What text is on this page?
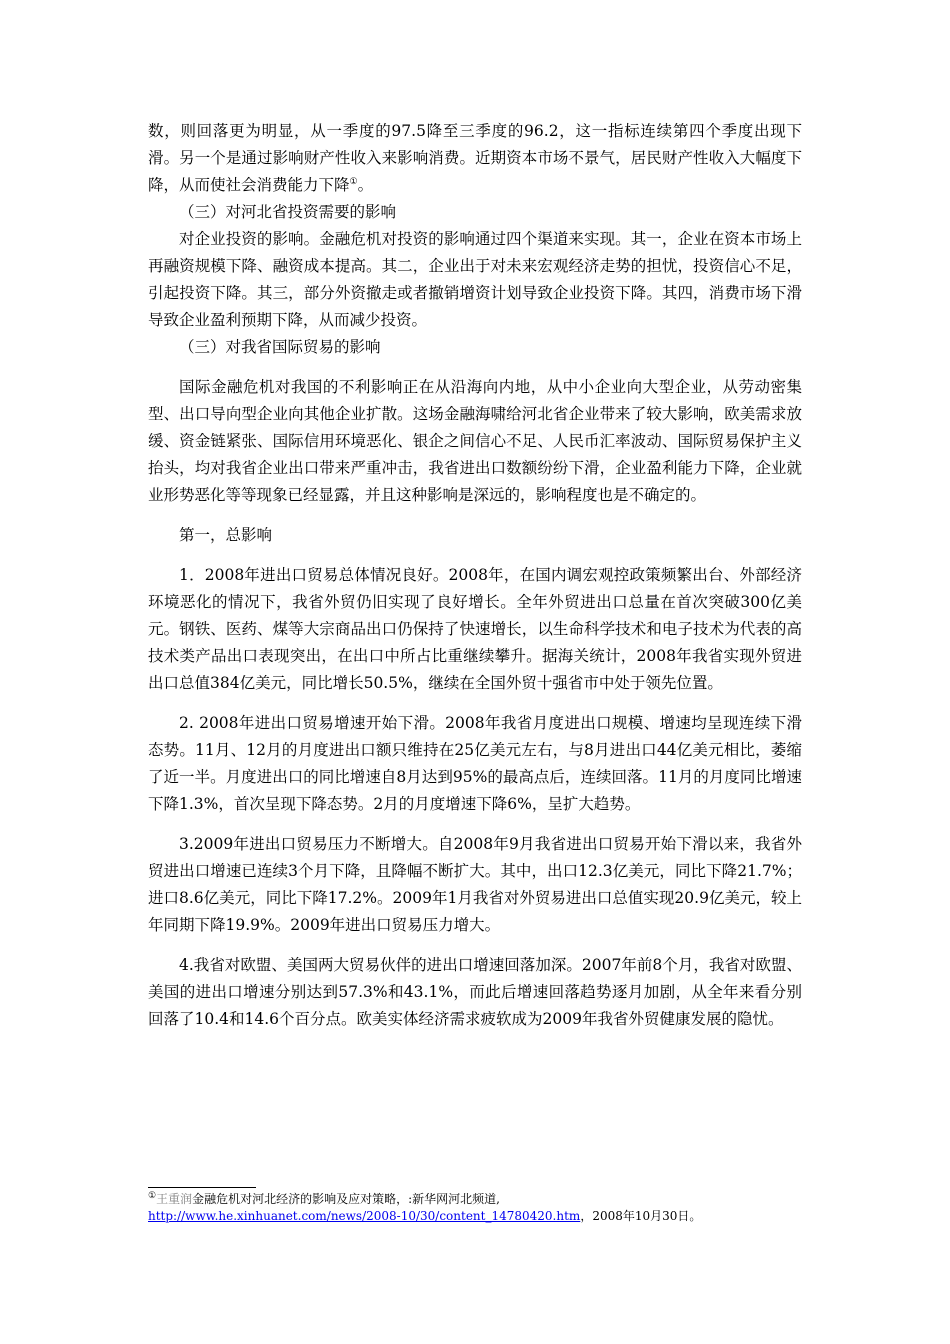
数，则回落更为明显，从一季度的97.5降至三季度的96.2，这一指标连续第四个季度出现下滑。另一个是通过影响财产性收入来影响消费。近期资本市场不景气，居民财产性收入大幅度下降，从而使社会消费能力下降①。

（三）对河北省投资需要的影响

对企业投资的影响。金融危机对投资的影响通过四个渠道来实现。其一，企业在资本市场上再融资规模下降、融资成本提高。其二，企业出于对未来宏观经济走势的担忧，投资信心不足，引起投资下降。其三，部分外资撤走或者撤销增资计划导致企业投资下降。其四，消费市场下滑导致企业盈利预期下降，从而减少投资。

（三）对我省国际贸易的影响

国际金融危机对我国的不利影响正在从沿海向内地，从中小企业向大型企业，从劳动密集型、出口导向型企业向其他企业扩散。这场金融海啸给河北省企业带来了较大影响，欧美需求放缓、资金链紧张、国际信用环境恶化、银企之间信心不足、人民币汇率波动、国际贸易保护主义抬头，均对我省企业出口带来严重冲击，我省进出口数额纷纷下滑，企业盈利能力下降，企业就业形势恶化等等现象已经显露，并且这种影响是深远的，影响程度也是不确定的。

第一，总影响

1．2008年进出口贸易总体情况良好。2008年，在国内调宏观控政策频繁出台、外部经济环境恶化的情况下，我省外贸仍旧实现了良好增长。全年外贸进出口总量在首次突破300亿美元。钢铁、医药、煤等大宗商品出口仍保持了快速增长，以生命科学技术和电子技术为代表的高技术类产品出口表现突出，在出口中所占比重继续攀升。据海关统计，2008年我省实现外贸进出口总值384亿美元，同比增长50.5%，继续在全国外贸十强省市中处于领先位置。

2. 2008年进出口贸易增速开始下滑。2008年我省月度进出口规模、增速均呈现连续下滑态势。11月、12月的月度进出口额只维持在25亿美元左右，与8月进出口44亿美元相比，萎缩了近一半。月度进出口的同比增速自8月达到95%的最高点后，连续回落。11月的月度同比增速下降1.3%，首次呈现下降态势。2月的月度增速下降6%，呈扩大趋势。

3.2009年进出口贸易压力不断增大。自2008年9月我省进出口贸易开始下滑以来，我省外贸进出口增速已连续3个月下降，且降幅不断扩大。其中，出口12.3亿美元，同比下降21.7%；进口8.6亿美元，同比下降17.2%。2009年1月我省对外贸易进出口总值实现20.9亿美元，较上年同期下降19.9%。2009年进出口贸易压力增大。

4.我省对欧盟、美国两大贸易伙伴的进出口增速回落加深。2007年前8个月，我省对欧盟、美国的进出口增速分别达到57.3%和43.1%，而此后增速回落趋势逐月加剧，从全年来看分别回落了10.4和14.6个百分点。欧美实体经济需求疲软成为2009年我省外贸健康发展的隐忧。

①王重润金融危机对河北经济的影响及应对策略，:新华网河北频道,
http://www.he.xinhuanet.com/news/2008-10/30/content_14780420.htm，2008年10月30日。
